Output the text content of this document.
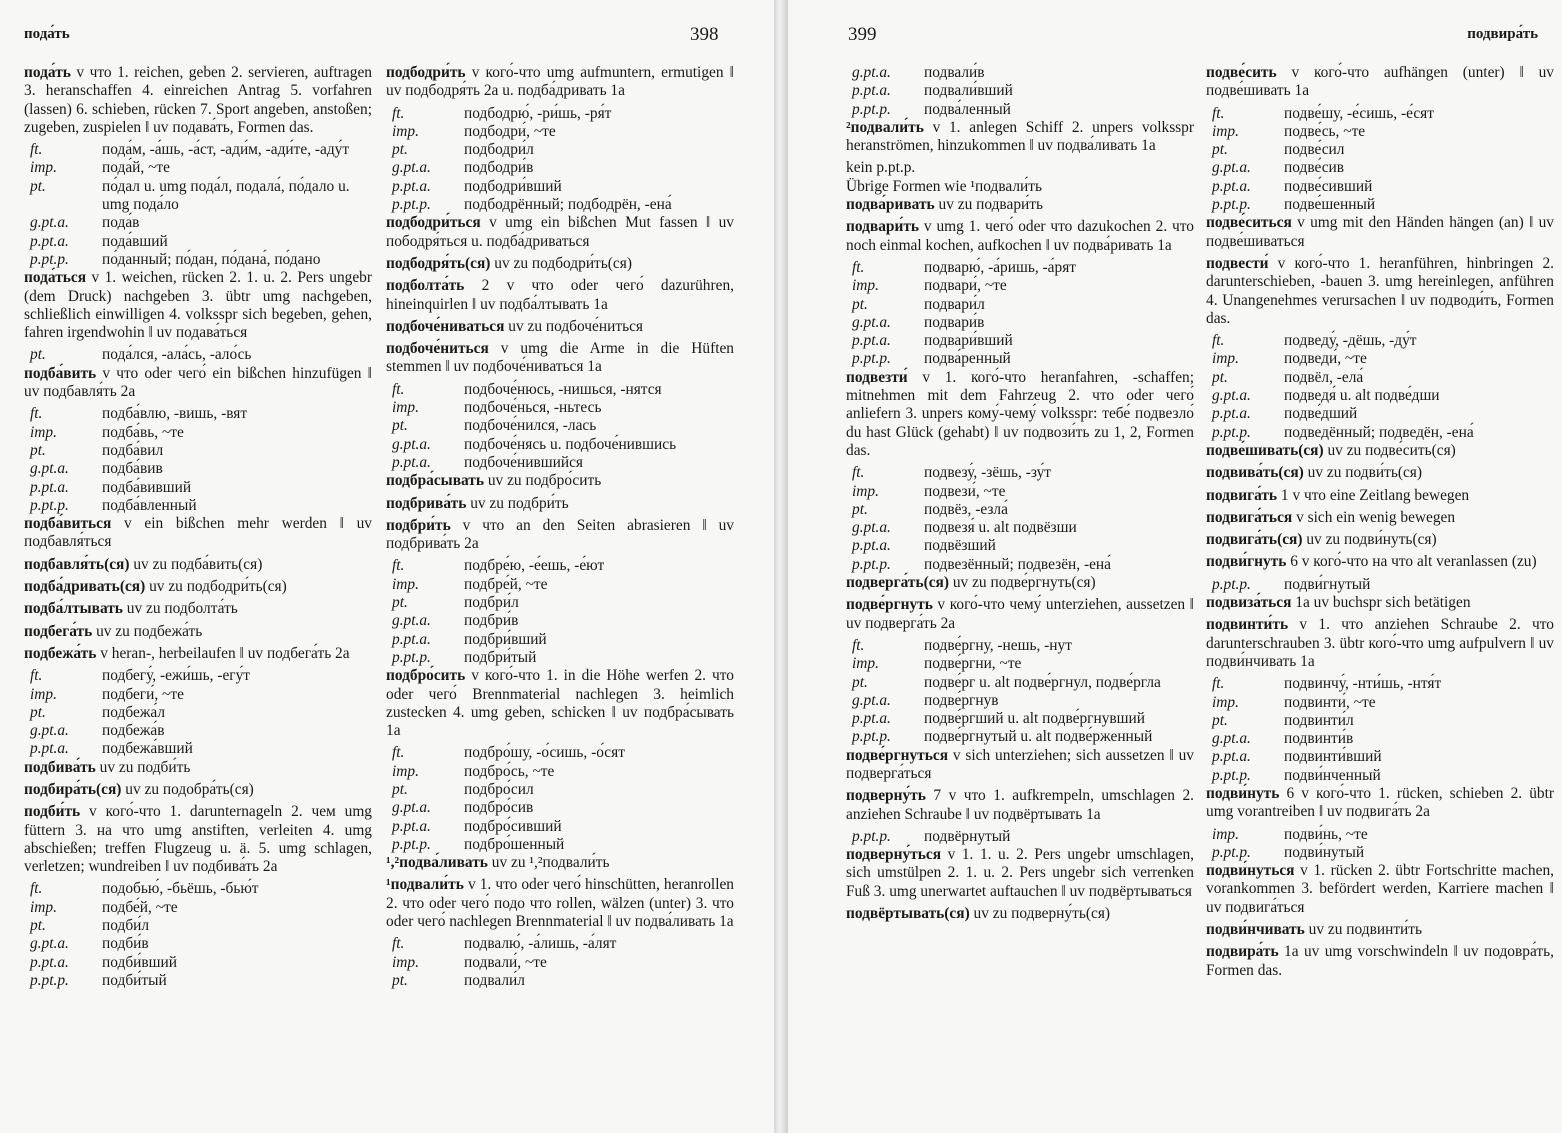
пода́ть	398

пода́ть v что 1. reichen, geben 2. servieren, auftragen 3. heranschaffen 4. einreichen Antrag 5. vorfahren (lassen) 6. schieben, rücken 7. Sport angeben, anstoßen; zugeben, zuspielen ‖ uv подава́ть, Formen das.

ft.	пода́м, -а́шь, -а́ст, -ади́м, -ади́те, -аду́т
imp.	пода́й, ~те
pt.	по́дал u. umg пода́л, подала́, по́дало u. umg пода́ло
g.pt.a.	пода́в
p.pt.a.	пода́вший
p.pt.p.	по́данный; по́дан, по́дана́, по́дано

пода́ться v 1. weichen, rücken 2. 1. u. 2. Pers ungebr (dem Druck) nachgeben 3. übtr umg nachgeben, schließlich einwilligen 4. volksspr sich begeben, gehen, fahren irgendwohin ‖ uv подава́ться

pt.	пода́лся, -ала́сь, -ало́сь

подба́вить v что oder чего́ ein bißchen hinzufügen ‖ uv подбавля́ть 2a

ft.	подба́влю, -вишь, -вят
imp.	подба́вь, ~те
pt.	подба́вил
g.pt.a.	подба́вив
p.pt.a.	подба́вивший
p.pt.p.	подба́вленный

подба́виться v ein bißchen mehr werden ‖ uv подбавля́ться

подбавля́ть(ся) uv zu подба́вить(ся)

подба́дривать(ся) uv zu подбодри́ть(ся)

подба́лтывать uv zu подболта́ть

подбега́ть uv zu подбежа́ть

подбежа́ть v heran-, herbeilaufen ‖ uv подбега́ть 2a

ft.	подбегу́, -ежи́шь, -егу́т
imp.	подбеги́, ~те
pt.	подбежа́л
g.pt.a.	подбежа́в
p.pt.a.	подбежа́вший

подбива́ть uv zu подби́ть

подбира́ть(ся) uv zu подобра́ть(ся)

подби́ть v кого́-что 1. darunternageln 2. чем umg füttern 3. на что umg anstiften, verleiten 4. umg abschießen; treffen Flugzeug u. ä. 5. umg schlagen, verletzen; wundreiben ‖ uv подбива́ть 2a

ft.	подобью́, -бьёшь, -бью́т
imp.	подбе́й, ~те
pt.	подби́л
g.pt.a.	подби́в
p.pt.a.	подби́вший
p.pt.p.	подби́тый

подбодри́ть v кого́-что umg aufmuntern, ermutigen ‖ uv подбодря́ть 2a u. подба́дривать 1a

ft.	подбодрю́, -ри́шь, -ря́т
imp.	подбодри́, ~те
pt.	подбодри́л
g.pt.a.	подбодри́в
p.pt.a.	подбодри́вший
p.pt.p.	подбодрённый; подбодрён, -ена́

подбодри́ться v umg ein bißchen Mut fassen ‖ uv пободря́ться u. подба́дриваться

подбодря́ть(ся) uv zu подбодри́ть(ся)

подболта́ть 2 v что oder чего́ dazurühren, hineinquirlen ‖ uv подба́лтывать 1a

подбоче́ниваться uv zu подбоче́ниться

подбоче́ниться v umg die Arme in die Hüften stemmen ‖ uv подбоче́ниваться 1a

ft.	подбоче́нюсь, -нишься, -нятся
imp.	подбоче́нься, -ньтесь
pt.	подбоче́нился, -лась
g.pt.a.	подбоче́нясь u. подбоче́нившись
p.pt.a.	подбоче́нившийся

подбра́сывать uv zu подбро́сить

подбрива́ть uv zu подбри́ть

подбри́ть v что an den Seiten abrasieren ‖ uv подбрива́ть 2a

ft.	подбре́ю, -е́ешь, -е́ют
imp.	подбре́й, ~те
pt.	подбри́л
g.pt.a.	подбри́в
p.pt.a.	подбри́вший
p.pt.p.	подбри́тый

подбро́сить v кого́-что 1. in die Höhe werfen 2. что oder чего́ Brennmaterial nachlegen 3. heimlich zustecken 4. umg geben, schicken ‖ uv подбра́сывать 1a

ft.	подбро́шу, -о́сишь, -о́сят
imp.	подбро́сь, ~те
pt.	подбро́сил
g.pt.a.	подбро́сив
p.pt.a.	подбро́сивший
p.pt.p.	подбро́шенный

¹,²подва́ливать uv zu ¹,²подвали́ть

¹подвали́ть v 1. что oder чего́ hinschütten, heranrollen 2. что oder чего́ подо что rollen, wälzen (unter) 3. что oder чего́ nachlegen Brennmaterial ‖ uv подва́ливать 1a

ft.	подвалю́, -а́лишь, -а́лят
imp.	подвали́, ~те
pt.	подвали́л
399	подвира́ть
g.pt.a.	подвали́в
p.pt.a.	подвали́вший
p.pt.p.	подва́ленный

²подвали́ть v 1. anlegen Schiff 2. unpers volksspr heranströmen, hinzukommen ‖ uv подва́ливать 1a

kein p.pt.p.

Übrige Formen wie ¹подвали́ть

подва́ривать uv zu подвари́ть

подвари́ть v umg 1. чего́ oder что dazukochen 2. что noch einmal kochen, aufkochen ‖ uv подва́ривать 1a

ft.	подварю́, -а́ришь, -а́рят
imp.	подвари́, ~те
pt.	подвари́л
g.pt.a.	подвари́в
p.pt.a.	подвари́вший
p.pt.p.	подва́ренный

подвезти́ v 1. кого́-что heranfahren, -schaffen; mitnehmen mit dem Fahrzeug 2. что oder чего́ anliefern 3. unpers кому́-чему́ volksspr: тебе́ подвезло́ du hast Glück (gehabt) ‖ uv подвози́ть zu 1, 2, Formen das.

ft.	подвезу́, -зёшь, -зу́т
imp.	подвези́, ~те
pt.	подвёз, -езла́
g.pt.a.	подвезя́ u. alt подвёзши
p.pt.a.	подвёзший
p.pt.p.	подвезённый; подвезён, -ена́

подверга́ть(ся) uv zu подве́ргнуть(ся)

подве́ргнуть v кого́-что чему́ unterziehen, aussetzen ‖ uv подверга́ть 2a

ft.	подве́ргну, -нешь, -нут
imp.	подве́ргни, ~те
pt.	подве́рг u. alt подве́ргнул, подве́ргла
g.pt.a.	подве́ргнув
p.pt.a.	подве́ргший u. alt подве́ргнувший
p.pt.p.	подве́ргнутый u. alt подве́рженный

подве́ргнуться v sich unterziehen; sich aussetzen ‖ uv подверга́ться

подверну́ть 7 v что 1. aufkrempeln, umschlagen 2. anziehen Schraube ‖ uv подвёртывать 1a

p.pt.p.	подвёрнутый

подверну́ться v 1. 1. u. 2. Pers ungebr umschlagen, sich umstülpen 2. 1. u. 2. Pers ungebr sich verrenken Fuß 3. umg unerwartet auftauchen ‖ uv подвёртываться

подвёртывать(ся) uv zu подверну́ть(ся)

подве́сить v кого́-что aufhängen (unter) ‖ uv подве́шивать 1a

ft.	подве́шу, -е́сишь, -е́сят
imp.	подве́сь, ~те
pt.	подве́сил
g.pt.a.	подве́сив
p.pt.a.	подве́сивший
p.pt.p.	подве́шенный

подве́ситься v umg mit den Händen hängen (an) ‖ uv подве́шиваться

подвести́ v кого́-что 1. heranführen, hinbringen 2. darunterschieben, -bauen 3. umg hereinlegen, anführen 4. Unangenehmes verursachen ‖ uv подводи́ть, Formen das.

ft.	подведу́, -дёшь, -ду́т
imp.	подведи́, ~те
pt.	подвёл, -ела́
g.pt.a.	подведя́ u. alt подве́дши
p.pt.a.	подве́дший
p.pt.p.	подведённый; подведён, -ена́

подве́шивать(ся) uv zu подве́сить(ся)

подвива́ть(ся) uv zu подви́ть(ся)

подвига́ть 1 v что eine Zeitlang bewegen

подвига́ться v sich ein wenig bewegen

подвига́ть(ся) uv zu подви́нуть(ся)

подви́гнуть 6 v кого́-что на что alt veranlassen (zu)

p.pt.p.	подви́гнутый

подвиза́ться 1a uv buchspr sich betätigen

подвинти́ть v 1. что anziehen Schraube 2. что darunterschrauben 3. übtr кого́-что umg aufpulvern ‖ uv подви́нчивать 1a

ft.	подвинчу́, -нти́шь, -нтя́т
imp.	подвинти́, ~те
pt.	подвинти́л
g.pt.a.	подвинти́в
p.pt.a.	подвинти́вший
p.pt.p.	подви́нченный

подви́нуть 6 v кого́-что 1. rücken, schieben 2. übtr umg vorantreiben ‖ uv подвига́ть 2a

imp.	подви́нь, ~те
p.pt.p.	подви́нутый

подви́нуться v 1. rücken 2. übtr Fortschritte machen, vorankommen 3. befördert werden, Karriere machen ‖ uv подвига́ться

подви́нчивать uv zu подвинти́ть

подвира́ть 1a uv umg vorschwindeln ‖ uv подовра́ть, Formen das.
